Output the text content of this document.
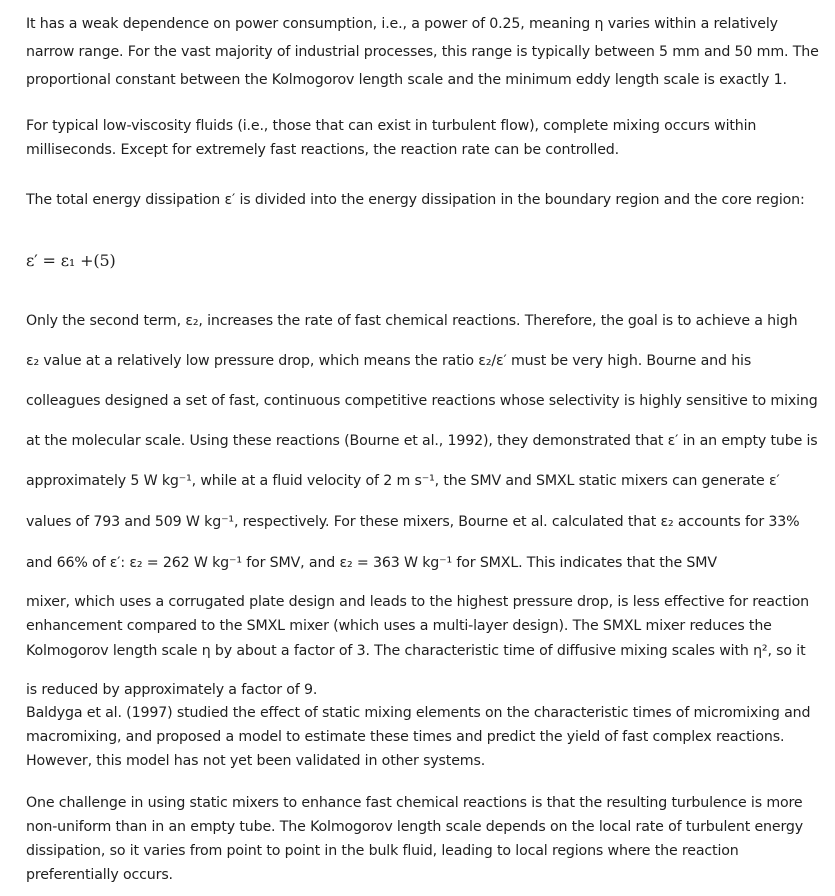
It has a weak dependence on power consumption, i.e., a power of 0.25, meaning η varies within a relatively narrow range. For the vast majority of industrial processes, this range is typically between 5 mm and 50 mm. The proportional constant between the Kolmogorov length scale and the minimum eddy length scale is exactly 1.

For typical low-viscosity fluids (i.e., those that can exist in turbulent flow), complete mixing occurs within milliseconds. Except for extremely fast reactions, the reaction rate can be controlled.

The total energy dissipation ε′ is divided into the energy dissipation in the boundary region and the core region:

ε′ = ε₁ +(5)

Only the second term, ε₂, increases the rate of fast chemical reactions. Therefore, the goal is to achieve a high
ε₂ value at a relatively low pressure drop, which means the ratio ε₂/ε′ must be very high. Bourne and his
colleagues designed a set of fast, continuous competitive reactions whose selectivity is highly sensitive to mixing
at the molecular scale. Using these reactions (Bourne et al., 1992), they demonstrated that ε′ in an empty tube is
approximately 5 W kg⁻¹, while at a fluid velocity of 2 m s⁻¹, the SMV and SMXL static mixers can generate ε′
values of 793 and 509 W kg⁻¹, respectively. For these mixers, Bourne et al. calculated that ε₂ accounts for 33%
and 66% of ε′: ε₂ = 262 W kg⁻¹ for SMV, and ε₂ = 363 W kg⁻¹ for SMXL. This indicates that the SMV
mixer, which uses a corrugated plate design and leads to the highest pressure drop, is less effective for reaction
enhancement compared to the SMXL mixer (which uses a multi-layer design). The SMXL mixer reduces the
Kolmogorov length scale η by about a factor of 3. The characteristic time of diffusive mixing scales with η², so it
is reduced by approximately a factor of 9.

Baldyga et al. (1997) studied the effect of static mixing elements on the characteristic times of micromixing and macromixing, and proposed a model to estimate these times and predict the yield of fast complex reactions. However, this model has not yet been validated in other systems.

One challenge in using static mixers to enhance fast chemical reactions is that the resulting turbulence is more non-uniform than in an empty tube. The Kolmogorov length scale depends on the local rate of turbulent energy dissipation, so it varies from point to point in the bulk fluid, leading to local regions where the reaction preferentially occurs.
